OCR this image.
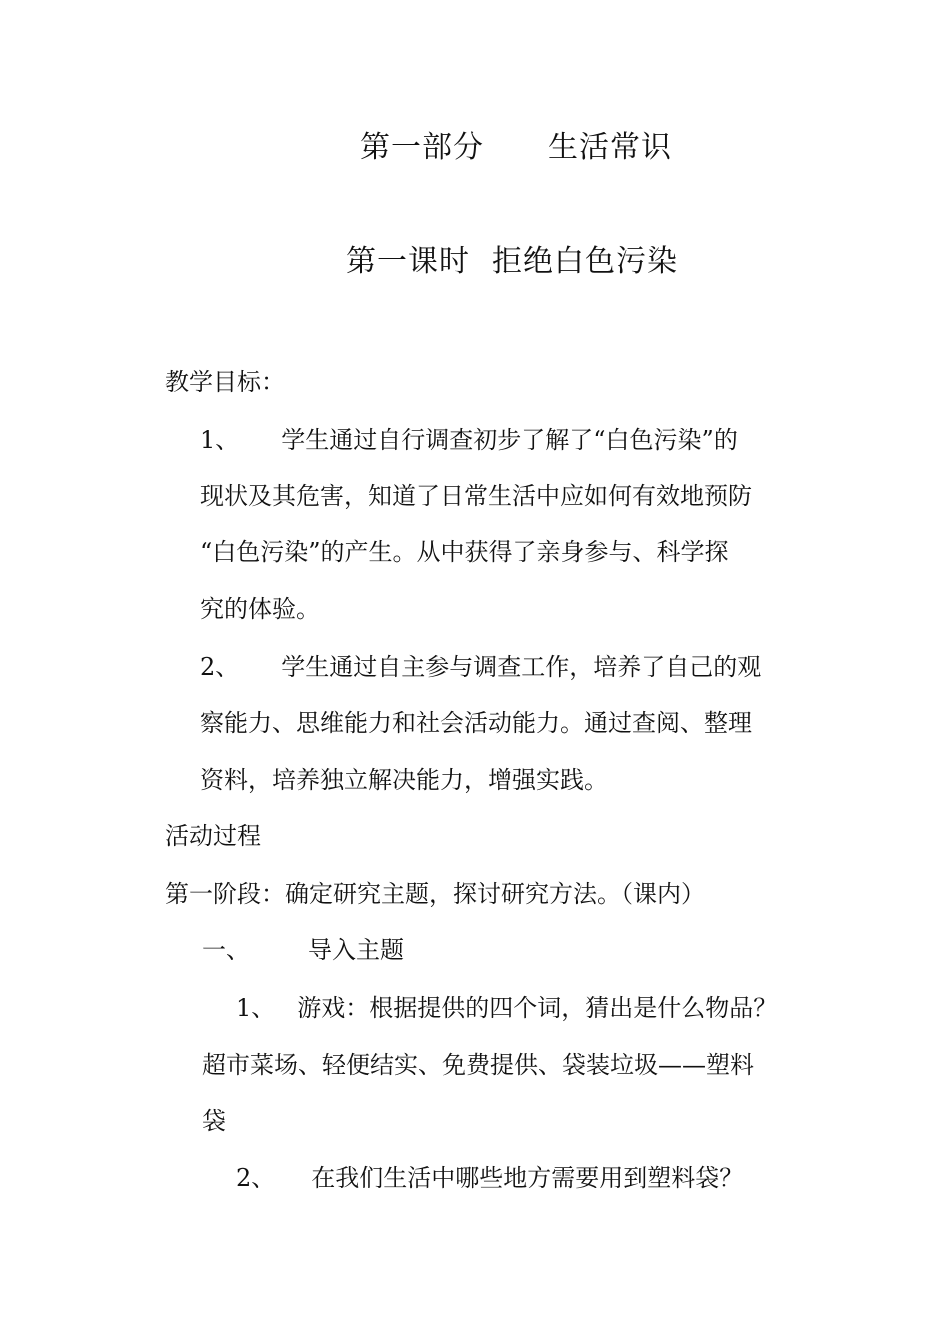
第一部分 生活常识
第一课时 拒绝白色污染
教学目标：
1、 学生通过自行调查初步了解了“白色污染”的
现状及其危害，知道了日常生活中应如何有效地预防
“白色污染”的产生。从中获得了亲身参与、科学探
究的体验。
2、 学生通过自主参与调查工作，培养了自己的观
察能力、思维能力和社会活动能力。通过查阅、整理
资料，培养独立解决能力，增强实践。
活动过程
第一阶段：确定研究主题，探讨研究方法。（课内）
一、 导入主题
1、 游戏：根据提供的四个词，猜出是什么物品？
超市菜场、轻便结实、免费提供、袋装垃圾——塑料
袋
2、 在我们生活中哪些地方需要用到塑料袋？
